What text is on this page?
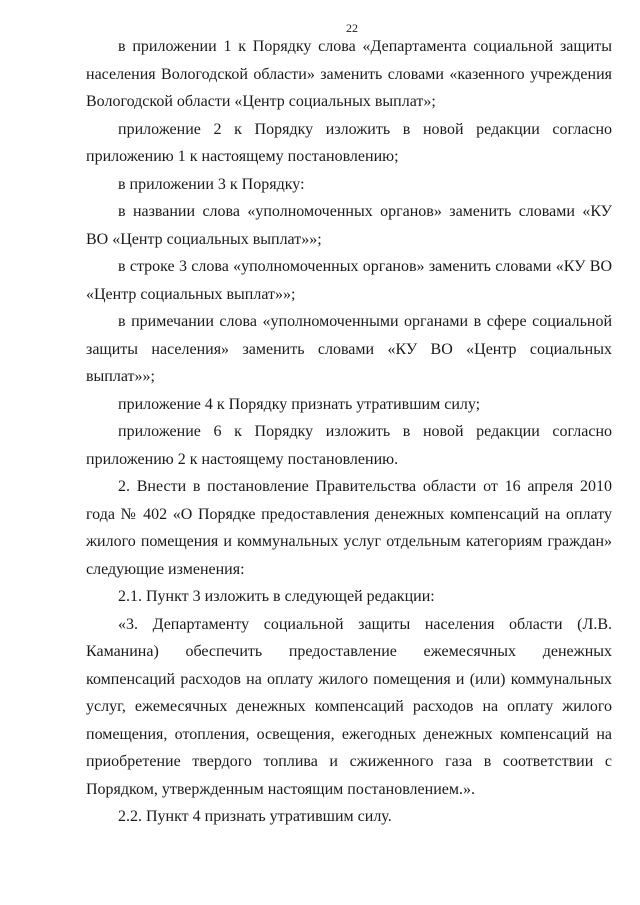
22

в приложении 1 к Порядку слова «Департамента социальной защиты населения Вологодской области» заменить словами «казенного учреждения Вологодской области «Центр социальных выплат»;

приложение 2 к Порядку изложить в новой редакции согласно приложению 1 к настоящему постановлению;

в приложении 3 к Порядку:

в названии слова «уполномоченных органов» заменить словами «КУ ВО «Центр социальных выплат»»;

в строке 3 слова «уполномоченных органов» заменить словами «КУ ВО «Центр социальных выплат»»;

в примечании слова «уполномоченными органами в сфере социальной защиты населения» заменить словами «КУ ВО «Центр социальных выплат»»;

приложение 4 к Порядку признать утратившим силу;

приложение 6 к Порядку изложить в новой редакции согласно приложению 2 к настоящему постановлению.

2. Внести в постановление Правительства области от 16 апреля 2010 года № 402 «О Порядке предоставления денежных компенсаций на оплату жилого помещения и коммунальных услуг отдельным категориям граждан» следующие изменения:

2.1. Пункт 3 изложить в следующей редакции:

«3. Департаменту социальной защиты населения области (Л.В. Каманина) обеспечить предоставление ежемесячных денежных компенсаций расходов на оплату жилого помещения и (или) коммунальных услуг, ежемесячных денежных компенсаций расходов на оплату жилого помещения, отопления, освещения, ежегодных денежных компенсаций на приобретение твердого топлива и сжиженного газа в соответствии с Порядком, утвержденным настоящим постановлением.».

2.2. Пункт 4 признать утратившим силу.
